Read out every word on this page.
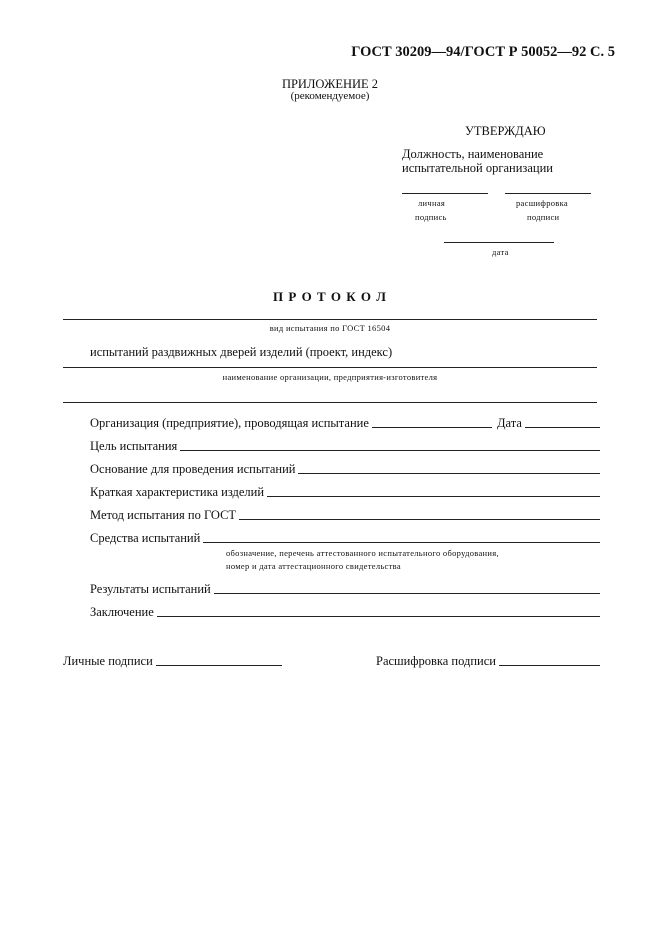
ГОСТ 30209—94/ГОСТ Р 50052—92 С. 5
ПРИЛОЖЕНИЕ 2
(рекомендуемое)
УТВЕРЖДАЮ
Должность, наименование
испытательной организации
личная
подпись
расшифровка
подписи
дата
П Р О Т О К О Л
вид испытания по ГОСТ 16504
испытаний раздвижных дверей изделий (проект, индекс)
наименование организации, предприятия-изготовителя
Организация (предприятие), проводящая испытание	Дата
Цель испытания
Основание для проведения испытаний
Краткая характеристика изделий
Метод испытания по ГОСТ
Средства испытаний
обозначение, перечень аттестованного испытательного оборудования,
номер и дата аттестационного свидетельства
Результаты испытаний
Заключение
Личные подписи	Расшифровка подписи
